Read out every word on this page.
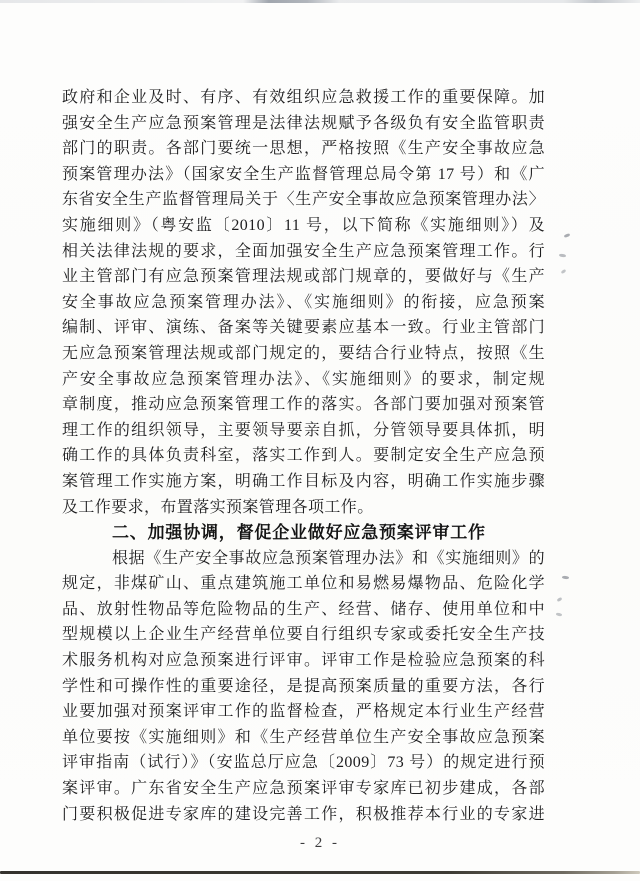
政府和企业及时、有序、有效组织应急救援工作的重要保障。加

强安全生产应急预案管理是法律法规赋予各级负有安全监管职责

部门的职责。各部门要统一思想，严格按照《生产安全事故应急

预案管理办法》（国家安全生产监督管理总局令第 17 号）和《广

东省安全生产监督管理局关于〈生产安全事故应急预案管理办法〉

实施细则》（粤安监〔2010〕11 号，以下简称《实施细则》）及

相关法律法规的要求，全面加强安全生产应急预案管理工作。行

业主管部门有应急预案管理法规或部门规章的，要做好与《生产

安全事故应急预案管理办法》、《实施细则》的衔接，应急预案

编制、评审、演练、备案等关键要素应基本一致。行业主管部门

无应急预案管理法规或部门规定的，要结合行业特点，按照《生

产安全事故应急预案管理办法》、《实施细则》的要求，制定规

章制度，推动应急预案管理工作的落实。各部门要加强对预案管

理工作的组织领导，主要领导要亲自抓，分管领导要具体抓，明

确工作的具体负责科室，落实工作到人。要制定安全生产应急预

案管理工作实施方案，明确工作目标及内容，明确工作实施步骤

及工作要求，布置落实预案管理各项工作。

二、加强协调，督促企业做好应急预案评审工作

根据《生产安全事故应急预案管理办法》和《实施细则》的

规定，非煤矿山、重点建筑施工单位和易燃易爆物品、危险化学

品、放射性物品等危险物品的生产、经营、储存、使用单位和中

型规模以上企业生产经营单位要自行组织专家或委托安全生产技

术服务机构对应急预案进行评审。评审工作是检验应急预案的科

学性和可操作性的重要途径，是提高预案质量的重要方法，各行

业要加强对预案评审工作的监督检查，严格规定本行业生产经营

单位要按《实施细则》和《生产经营单位生产安全事故应急预案

评审指南（试行）》（安监总厅应急〔2009〕73 号）的规定进行预

案评审。广东省安全生产应急预案评审专家库已初步建成，各部

门要积极促进专家库的建设完善工作，积极推荐本行业的专家进

- 2 -
